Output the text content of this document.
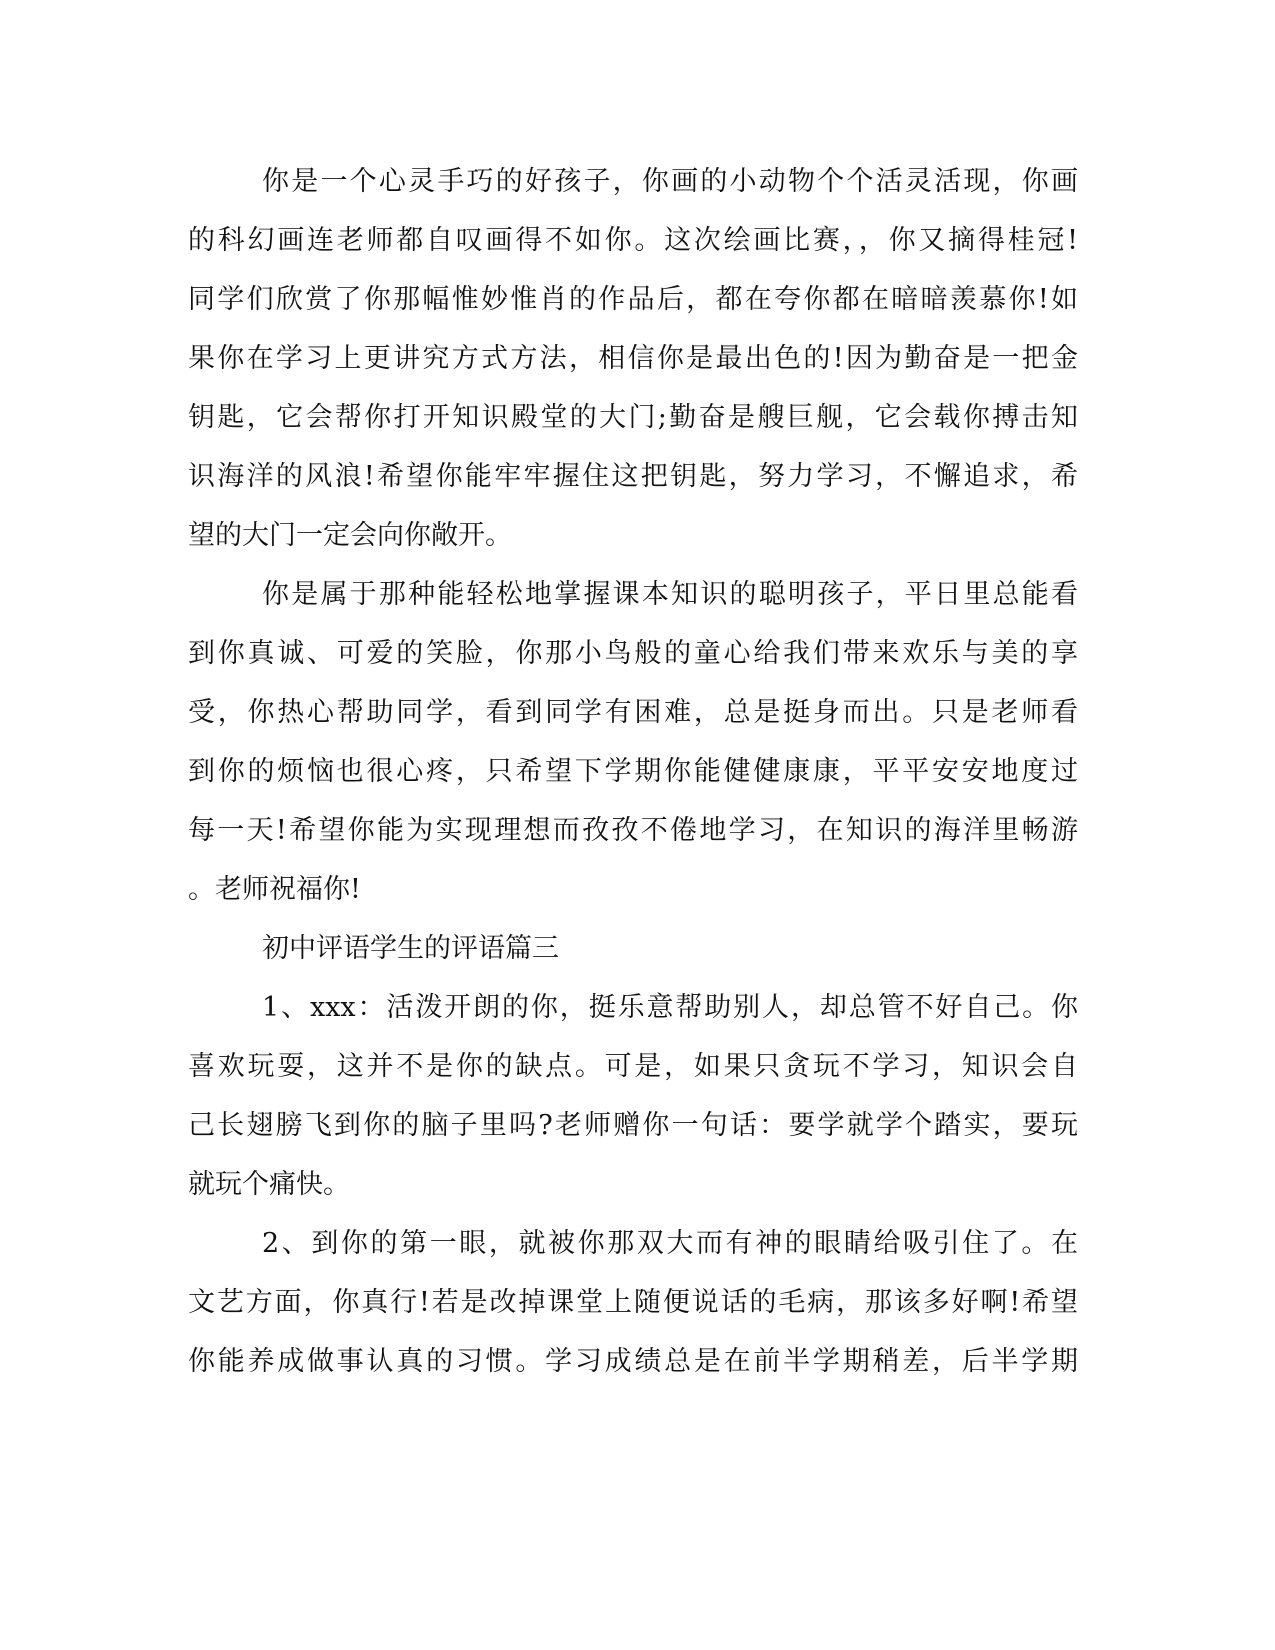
你是一个心灵手巧的好孩子，你画的小动物个个活灵活现，你画
的科幻画连老师都自叹画得不如你。这次绘画比赛，，你又摘得桂冠!
同学们欣赏了你那幅惟妙惟肖的作品后，都在夸你都在暗暗羡慕你!如
果你在学习上更讲究方式方法，相信你是最出色的!因为勤奋是一把金
钥匙，它会帮你打开知识殿堂的大门;勤奋是艘巨舰，它会载你搏击知
识海洋的风浪!希望你能牢牢握住这把钥匙，努力学习，不懈追求，希
望的大门一定会向你敞开。
你是属于那种能轻松地掌握课本知识的聪明孩子，平日里总能看
到你真诚、可爱的笑脸，你那小鸟般的童心给我们带来欢乐与美的享
受，你热心帮助同学，看到同学有困难，总是挺身而出。只是老师看
到你的烦恼也很心疼，只希望下学期你能健健康康，平平安安地度过
每一天!希望你能为实现理想而孜孜不倦地学习，在知识的海洋里畅游
。老师祝福你!
初中评语学生的评语篇三
1、xxx：活泼开朗的你，挺乐意帮助别人，却总管不好自己。你
喜欢玩耍，这并不是你的缺点。可是，如果只贪玩不学习，知识会自
己长翅膀飞到你的脑子里吗?老师赠你一句话：要学就学个踏实，要玩
就玩个痛快。
2、到你的第一眼，就被你那双大而有神的眼睛给吸引住了。在
文艺方面，你真行!若是改掉课堂上随便说话的毛病，那该多好啊!希望
你能养成做事认真的习惯。学习成绩总是在前半学期稍差，后半学期
